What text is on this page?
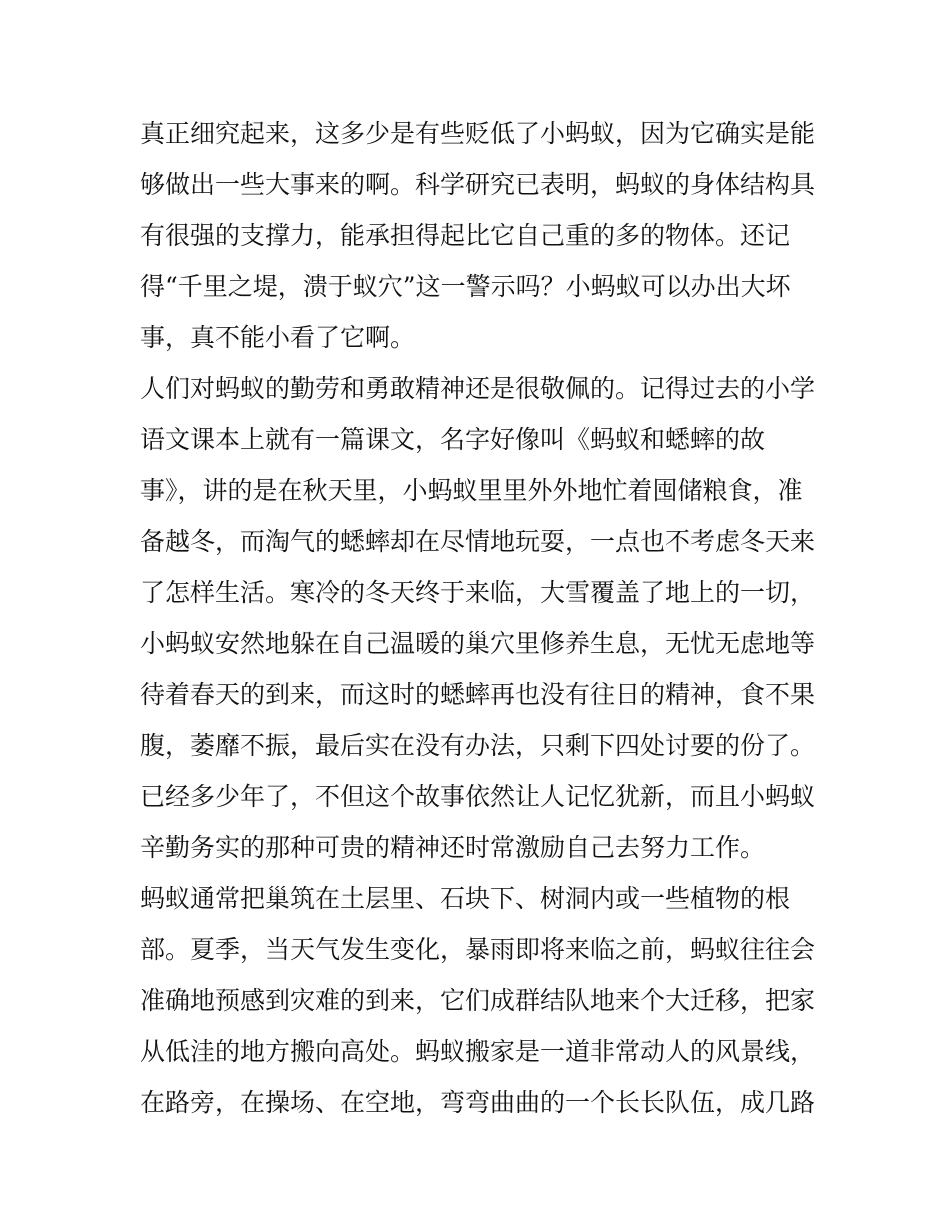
真正细究起来，这多少是有些贬低了小蚂蚁，因为它确实是能
够做出一些大事来的啊。科学研究已表明，蚂蚁的身体结构具
有很强的支撑力，能承担得起比它自己重的多的物体。还记
得“千里之堤，溃于蚁穴”这一警示吗？小蚂蚁可以办出大坏
事，真不能小看了它啊。
人们对蚂蚁的勤劳和勇敢精神还是很敬佩的。记得过去的小学
语文课本上就有一篇课文，名字好像叫《蚂蚁和蟋蟀的故
事》，讲的是在秋天里，小蚂蚁里里外外地忙着囤储粮食，准
备越冬，而淘气的蟋蟀却在尽情地玩耍，一点也不考虑冬天来
了怎样生活。寒冷的冬天终于来临，大雪覆盖了地上的一切，
小蚂蚁安然地躲在自己温暖的巢穴里修养生息，无忧无虑地等
待着春天的到来，而这时的蟋蟀再也没有往日的精神，食不果
腹，萎靡不振，最后实在没有办法，只剩下四处讨要的份了。
已经多少年了，不但这个故事依然让人记忆犹新，而且小蚂蚁
辛勤务实的那种可贵的精神还时常激励自己去努力工作。
蚂蚁通常把巢筑在土层里、石块下、树洞内或一些植物的根
部。夏季，当天气发生变化，暴雨即将来临之前，蚂蚁往往会
准确地预感到灾难的到来，它们成群结队地来个大迁移，把家
从低洼的地方搬向高处。蚂蚁搬家是一道非常动人的风景线，
在路旁，在操场、在空地，弯弯曲曲的一个长长队伍，成几路
